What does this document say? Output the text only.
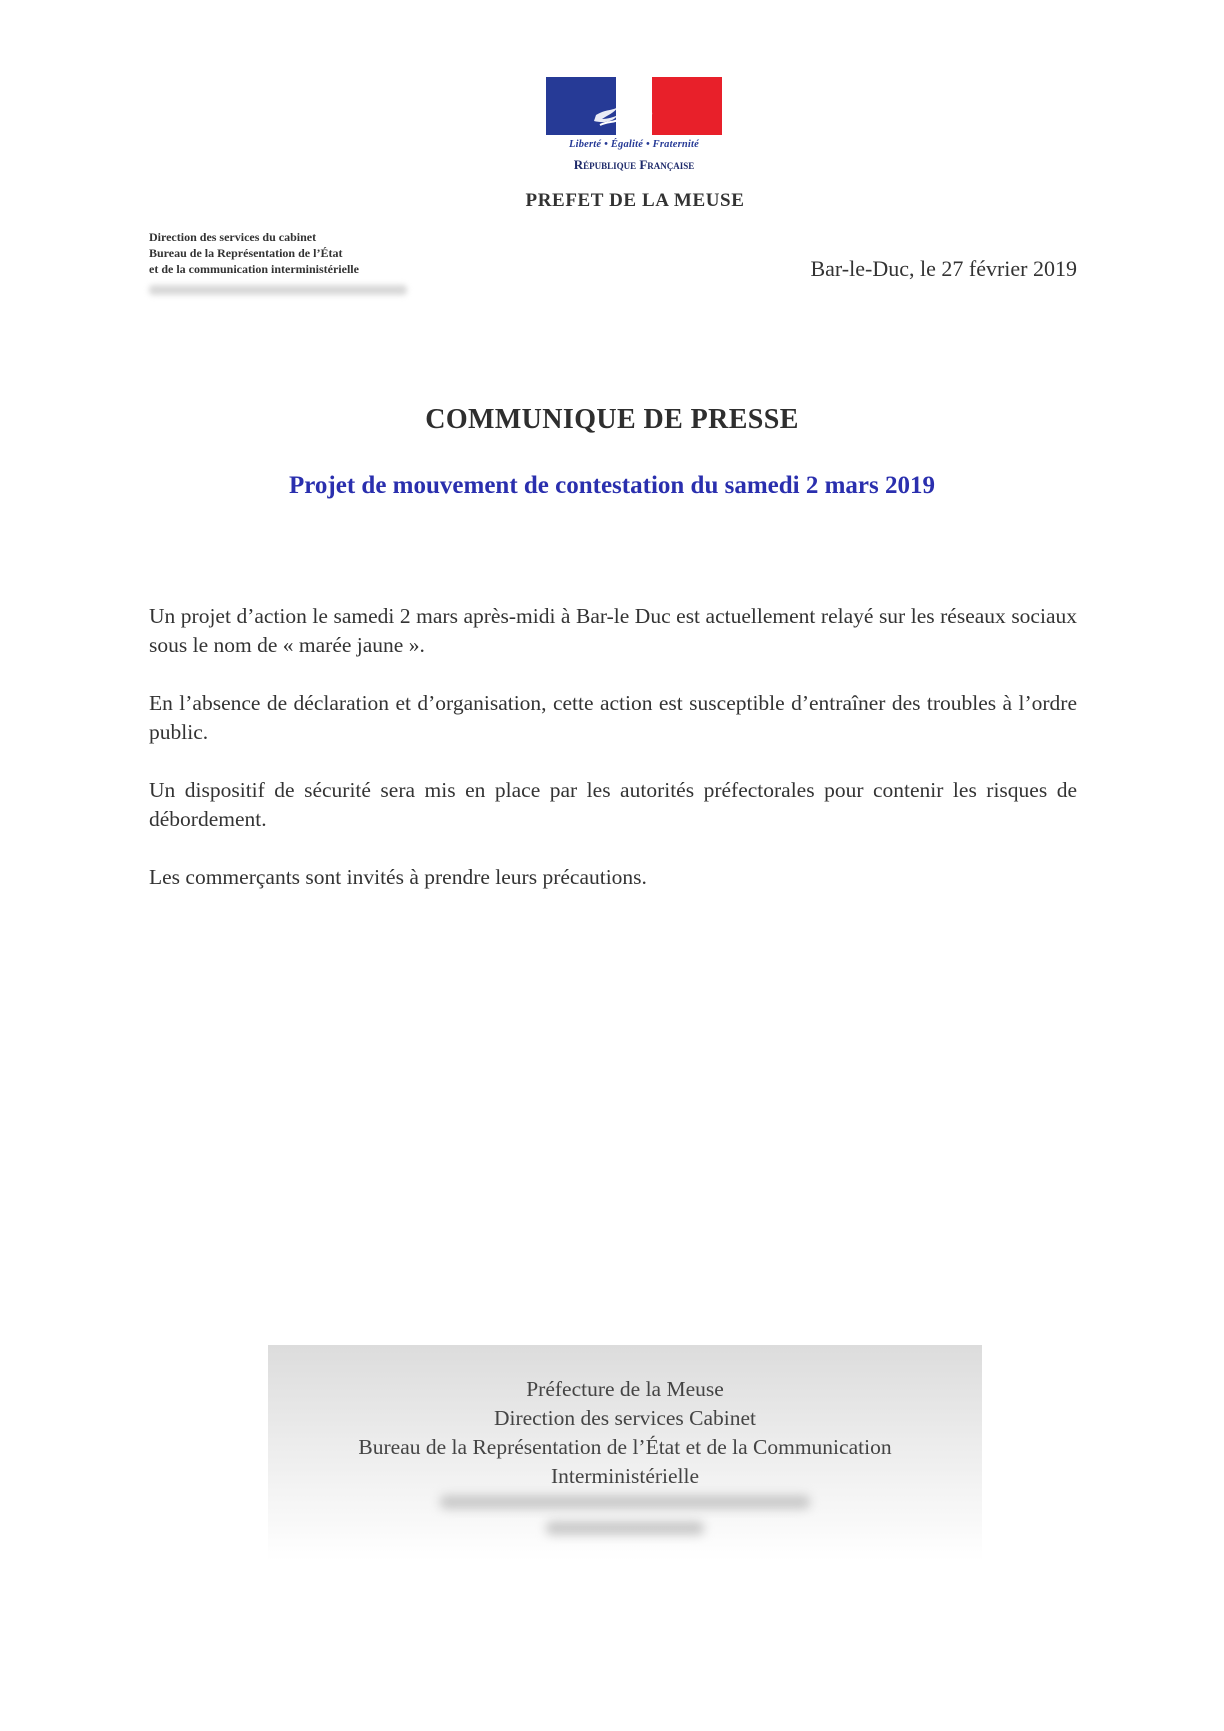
Liberté • Égalité • Fraternité
République Française
PREFET DE LA MEUSE
Direction des services du cabinet
Bureau de la Représentation de l’État
et de la communication interministérielle	Bar-le-Duc, le 27 février 2019
COMMUNIQUE DE PRESSE
Projet de mouvement de contestation du samedi 2 mars 2019

Un projet d’action le samedi 2 mars après-midi à Bar-le Duc est actuellement relayé sur les réseaux sociaux sous le nom de « marée jaune ».

En l’absence de déclaration et d’organisation, cette action est susceptible d’entraîner des troubles à l’ordre public.

Un dispositif de sécurité sera mis en place par les autorités préfectorales pour contenir les risques de débordement.

Les commerçants sont invités à prendre leurs précautions.

Préfecture de la Meuse
Direction des services Cabinet
Bureau de la Représentation de l’État et de la Communication
Interministérielle
